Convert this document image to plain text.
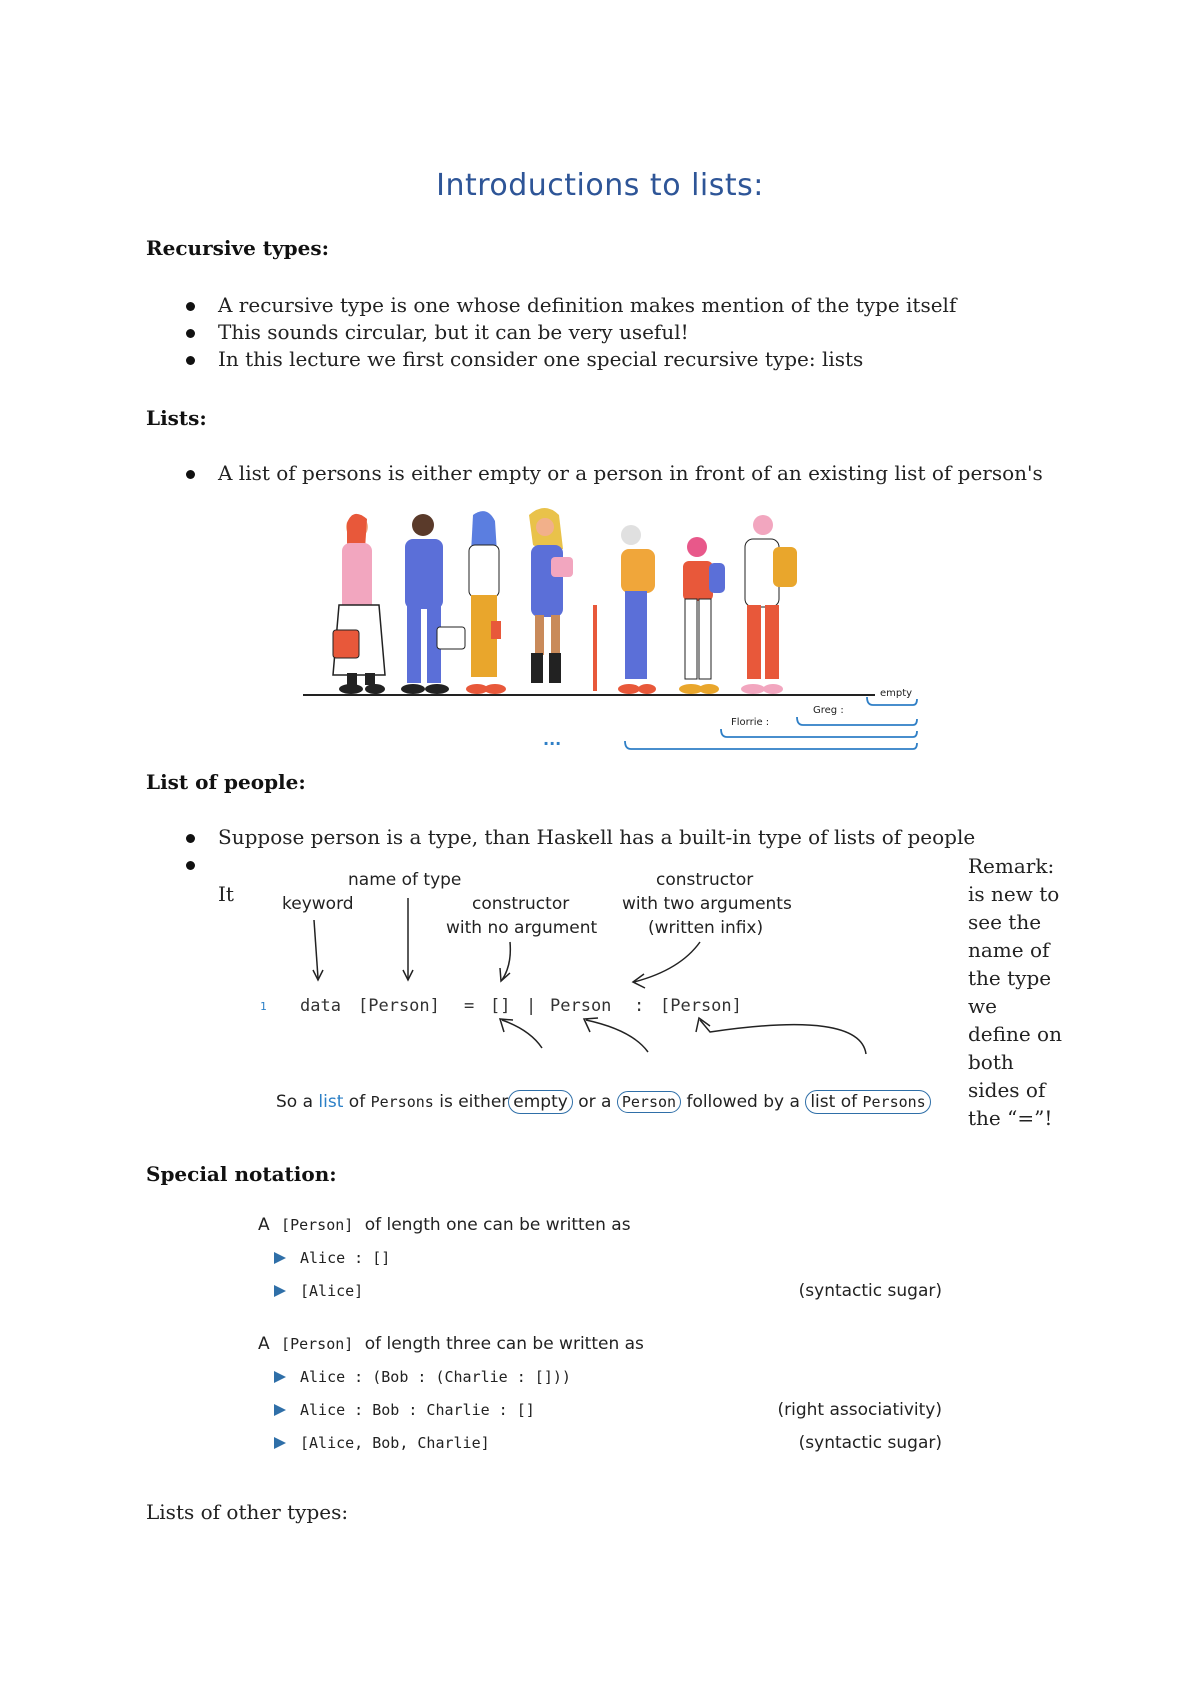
Introductions to lists:
Recursive types:
A recursive type is one whose definition makes mention of the type itself
This sounds circular, but it can be very useful!
In this lecture we first consider one special recursive type: lists
Lists:
A list of persons is either empty or a person in front of an existing list of person's
empty
Greg :
Florrie :
...
List of people:
Suppose person is a type, than Haskell has a built-in type of lists of people
It
name of type
keyword	constructor
with no argument
constructor
with two arguments
(written infix)
1 data [Person] = [] | Person : [Person]
So a list of Persons is either empty or a Person followed by a list of Persons
Remark:
is new to
see the
name of
the type
we
define on
both
sides of
the “=”!
Special notation:
A [Person] of length one can be written as
Alice : []
[Alice]	(syntactic sugar)
A [Person] of length three can be written as
Alice : (Bob : (Charlie : []))
Alice : Bob : Charlie : []	(right associativity)
[Alice, Bob, Charlie]	(syntactic sugar)
Lists of other types:
